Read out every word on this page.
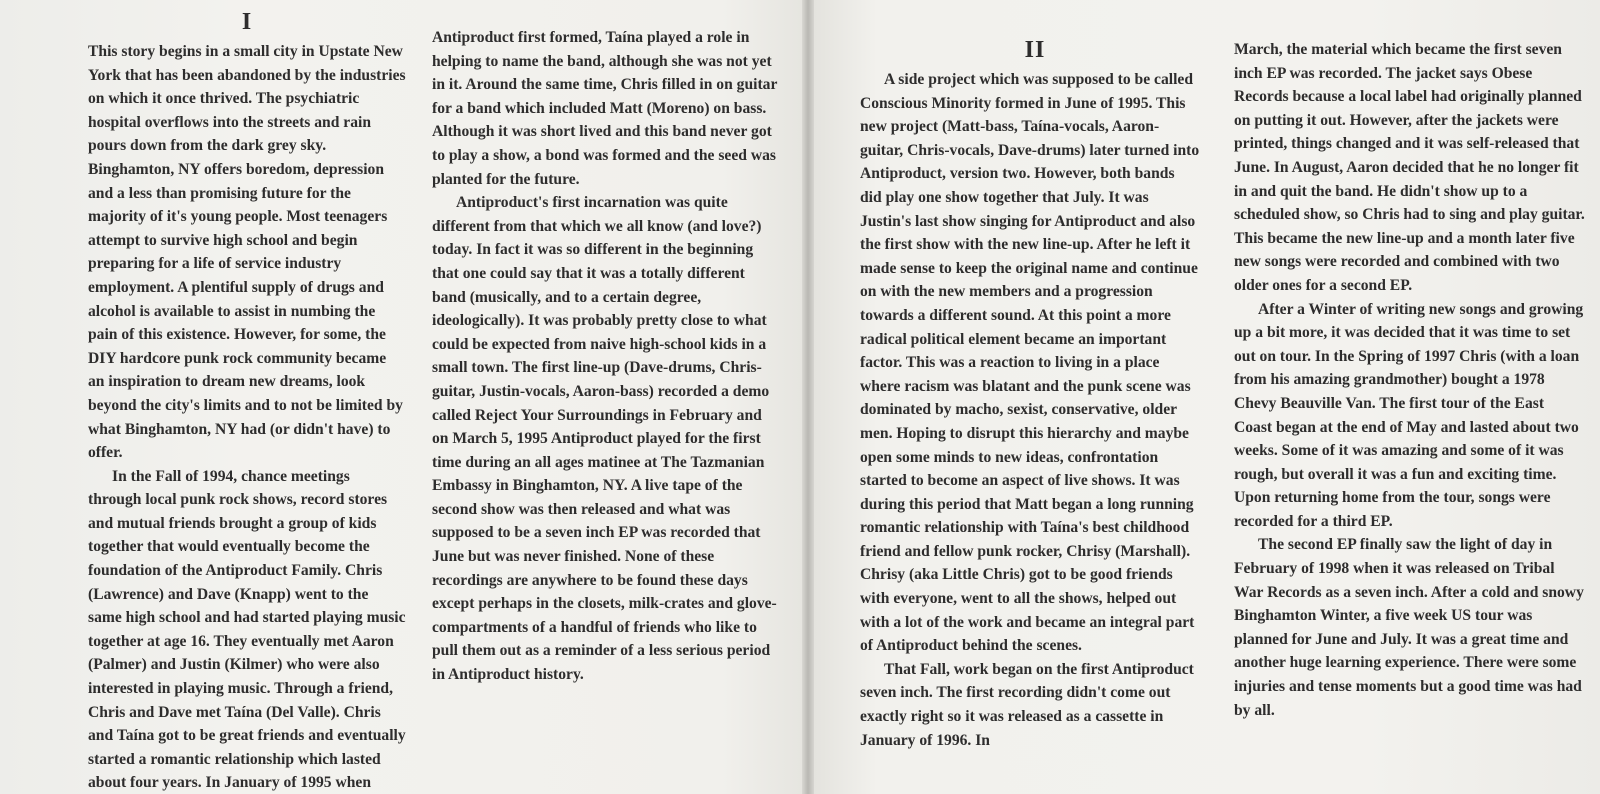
I

This story begins in a small city in Upstate New York that has been abandoned by the industries on which it once thrived. The psychiatric hospital overflows into the streets and rain pours down from the dark grey sky. Binghamton, NY offers boredom, depression and a less than promising future for the majority of it's young people. Most teenagers attempt to survive high school and begin preparing for a life of service industry employment. A plentiful supply of drugs and alcohol is available to assist in numbing the pain of this existence. However, for some, the DIY hardcore punk rock community became an inspiration to dream new dreams, look beyond the city's limits and to not be limited by what Binghamton, NY had (or didn't have) to offer.

In the Fall of 1994, chance meetings through local punk rock shows, record stores and mutual friends brought a group of kids together that would eventually become the foundation of the Antiproduct Family. Chris (Lawrence) and Dave (Knapp) went to the same high school and had started playing music together at age 16. They eventually met Aaron (Palmer) and Justin (Kilmer) who were also interested in playing music. Through a friend, Chris and Dave met Taína (Del Valle). Chris and Taína got to be great friends and eventually started a romantic relationship which lasted about four years. In January of 1995 when

Antiproduct first formed, Taína played a role in helping to name the band, although she was not yet in it. Around the same time, Chris filled in on guitar for a band which included Matt (Moreno) on bass. Although it was short lived and this band never got to play a show, a bond was formed and the seed was planted for the future.

Antiproduct's first incarnation was quite different from that which we all know (and love?) today. In fact it was so different in the beginning that one could say that it was a totally different band (musically, and to a certain degree, ideologically). It was probably pretty close to what could be expected from naive high-school kids in a small town. The first line-up (Dave-drums, Chris-guitar, Justin-vocals, Aaron-bass) recorded a demo called Reject Your Surroundings in February and on March 5, 1995 Antiproduct played for the first time during an all ages matinee at The Tazmanian Embassy in Binghamton, NY. A live tape of the second show was then released and what was supposed to be a seven inch EP was recorded that June but was never finished. None of these recordings are anywhere to be found these days except perhaps in the closets, milk-crates and glove-compartments of a handful of friends who like to pull them out as a reminder of a less serious period in Antiproduct history.

II

A side project which was supposed to be called Conscious Minority formed in June of 1995. This new project (Matt-bass, Taína-vocals, Aaron-guitar, Chris-vocals, Dave-drums) later turned into Antiproduct, version two. However, both bands did play one show together that July. It was Justin's last show singing for Antiproduct and also the first show with the new line-up. After he left it made sense to keep the original name and continue on with the new members and a progression towards a different sound. At this point a more radical political element became an important factor. This was a reaction to living in a place where racism was blatant and the punk scene was dominated by macho, sexist, conservative, older men. Hoping to disrupt this hierarchy and maybe open some minds to new ideas, confrontation started to become an aspect of live shows. It was during this period that Matt began a long running romantic relationship with Taína's best childhood friend and fellow punk rocker, Chrisy (Marshall). Chrisy (aka Little Chris) got to be good friends with everyone, went to all the shows, helped out with a lot of the work and became an integral part of Antiproduct behind the scenes.

That Fall, work began on the first Antiproduct seven inch. The first recording didn't come out exactly right so it was released as a cassette in January of 1996. In

March, the material which became the first seven inch EP was recorded. The jacket says Obese Records because a local label had originally planned on putting it out. However, after the jackets were printed, things changed and it was self-released that June. In August, Aaron decided that he no longer fit in and quit the band. He didn't show up to a scheduled show, so Chris had to sing and play guitar. This became the new line-up and a month later five new songs were recorded and combined with two older ones for a second EP.

After a Winter of writing new songs and growing up a bit more, it was decided that it was time to set out on tour. In the Spring of 1997 Chris (with a loan from his amazing grandmother) bought a 1978 Chevy Beauville Van. The first tour of the East Coast began at the end of May and lasted about two weeks. Some of it was amazing and some of it was rough, but overall it was a fun and exciting time. Upon returning home from the tour, songs were recorded for a third EP.

The second EP finally saw the light of day in February of 1998 when it was released on Tribal War Records as a seven inch. After a cold and snowy Binghamton Winter, a five week US tour was planned for June and July. It was a great time and another huge learning experience. There were some injuries and tense moments but a good time was had by all.
